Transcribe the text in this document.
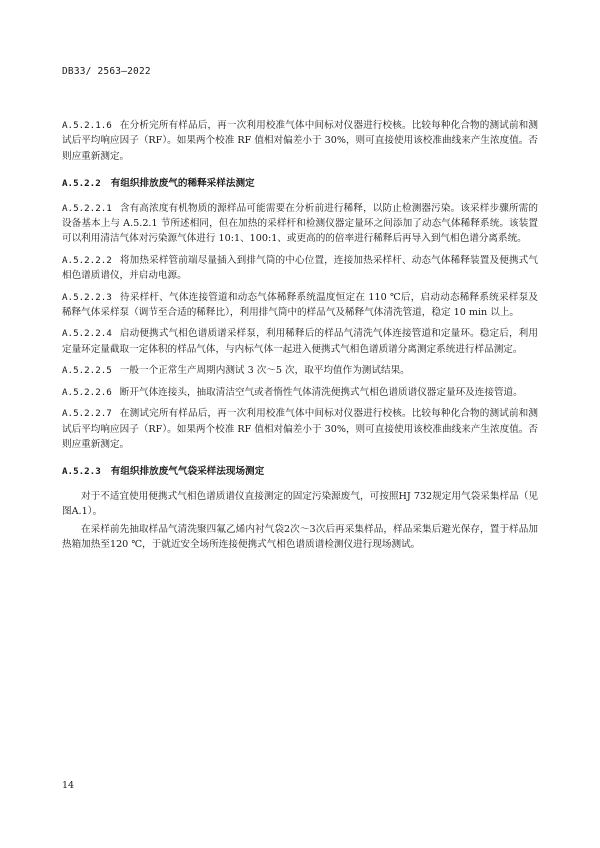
DB33/ 2563—2022

A.5.2.1.6 在分析完所有样品后，再一次利用校准气体中间标对仪器进行校核。比较每种化合物的测试前和测试后平均响应因子（RF）。如果两个校准 RF 值相对偏差小于 30%，则可直接使用该校准曲线来产生浓度值。否则应重新测定。

A.5.2.2 有组织排放废气的稀释采样法测定

A.5.2.2.1 含有高浓度有机物质的源样品可能需要在分析前进行稀释，以防止检测器污染。该采样步骤所需的设备基本上与 A.5.2.1 节所述相同，但在加热的采样杆和检测仪器定量环之间添加了动态气体稀释系统。该装置可以利用清洁气体对污染源气体进行 10:1、100:1、或更高的的倍率进行稀释后再导入到气相色谱分离系统。

A.5.2.2.2 将加热采样管前端尽量插入到排气筒的中心位置，连接加热采样杆、动态气体稀释装置及便携式气相色谱质谱仪，并启动电源。

A.5.2.2.3 待采样杆、气体连接管道和动态气体稀释系统温度恒定在 110 ℃后，启动动态稀释系统采样泵及稀释气体采样泵（调节至合适的稀释比），利用排气筒中的样品气及稀释气体清洗管道，稳定 10 min 以上。

A.5.2.2.4 启动便携式气相色谱质谱采样泵，利用稀释后的样品气清洗气体连接管道和定量环。稳定后，利用定量环定量截取一定体积的样品气体，与内标气体一起进入便携式气相色谱质谱分离测定系统进行样品测定。

A.5.2.2.5 一般一个正常生产周期内测试 3 次～5 次，取平均值作为测试结果。

A.5.2.2.6 断开气体连接头，抽取清洁空气或者惰性气体清洗便携式气相色谱质谱仪器定量环及连接管道。

A.5.2.2.7 在测试完所有样品后，再一次利用校准气体中间标对仪器进行校核。比较每种化合物的测试前和测试后平均响应因子（RF）。如果两个校准 RF 值相对偏差小于 30%，则可直接使用该校准曲线来产生浓度值。否则应重新测定。

A.5.2.3 有组织排放废气气袋采样法现场测定

对于不适宜使用便携式气相色谱质谱仪直接测定的固定污染源废气，可按照HJ 732规定用气袋采集样品（见图A.1）。

在采样前先抽取样品气清洗聚四氟乙烯内衬气袋2次～3次后再采集样品，样品采集后避光保存，置于样品加热箱加热至120 ℃，于就近安全场所连接便携式气相色谱质谱检测仪进行现场测试。

14
